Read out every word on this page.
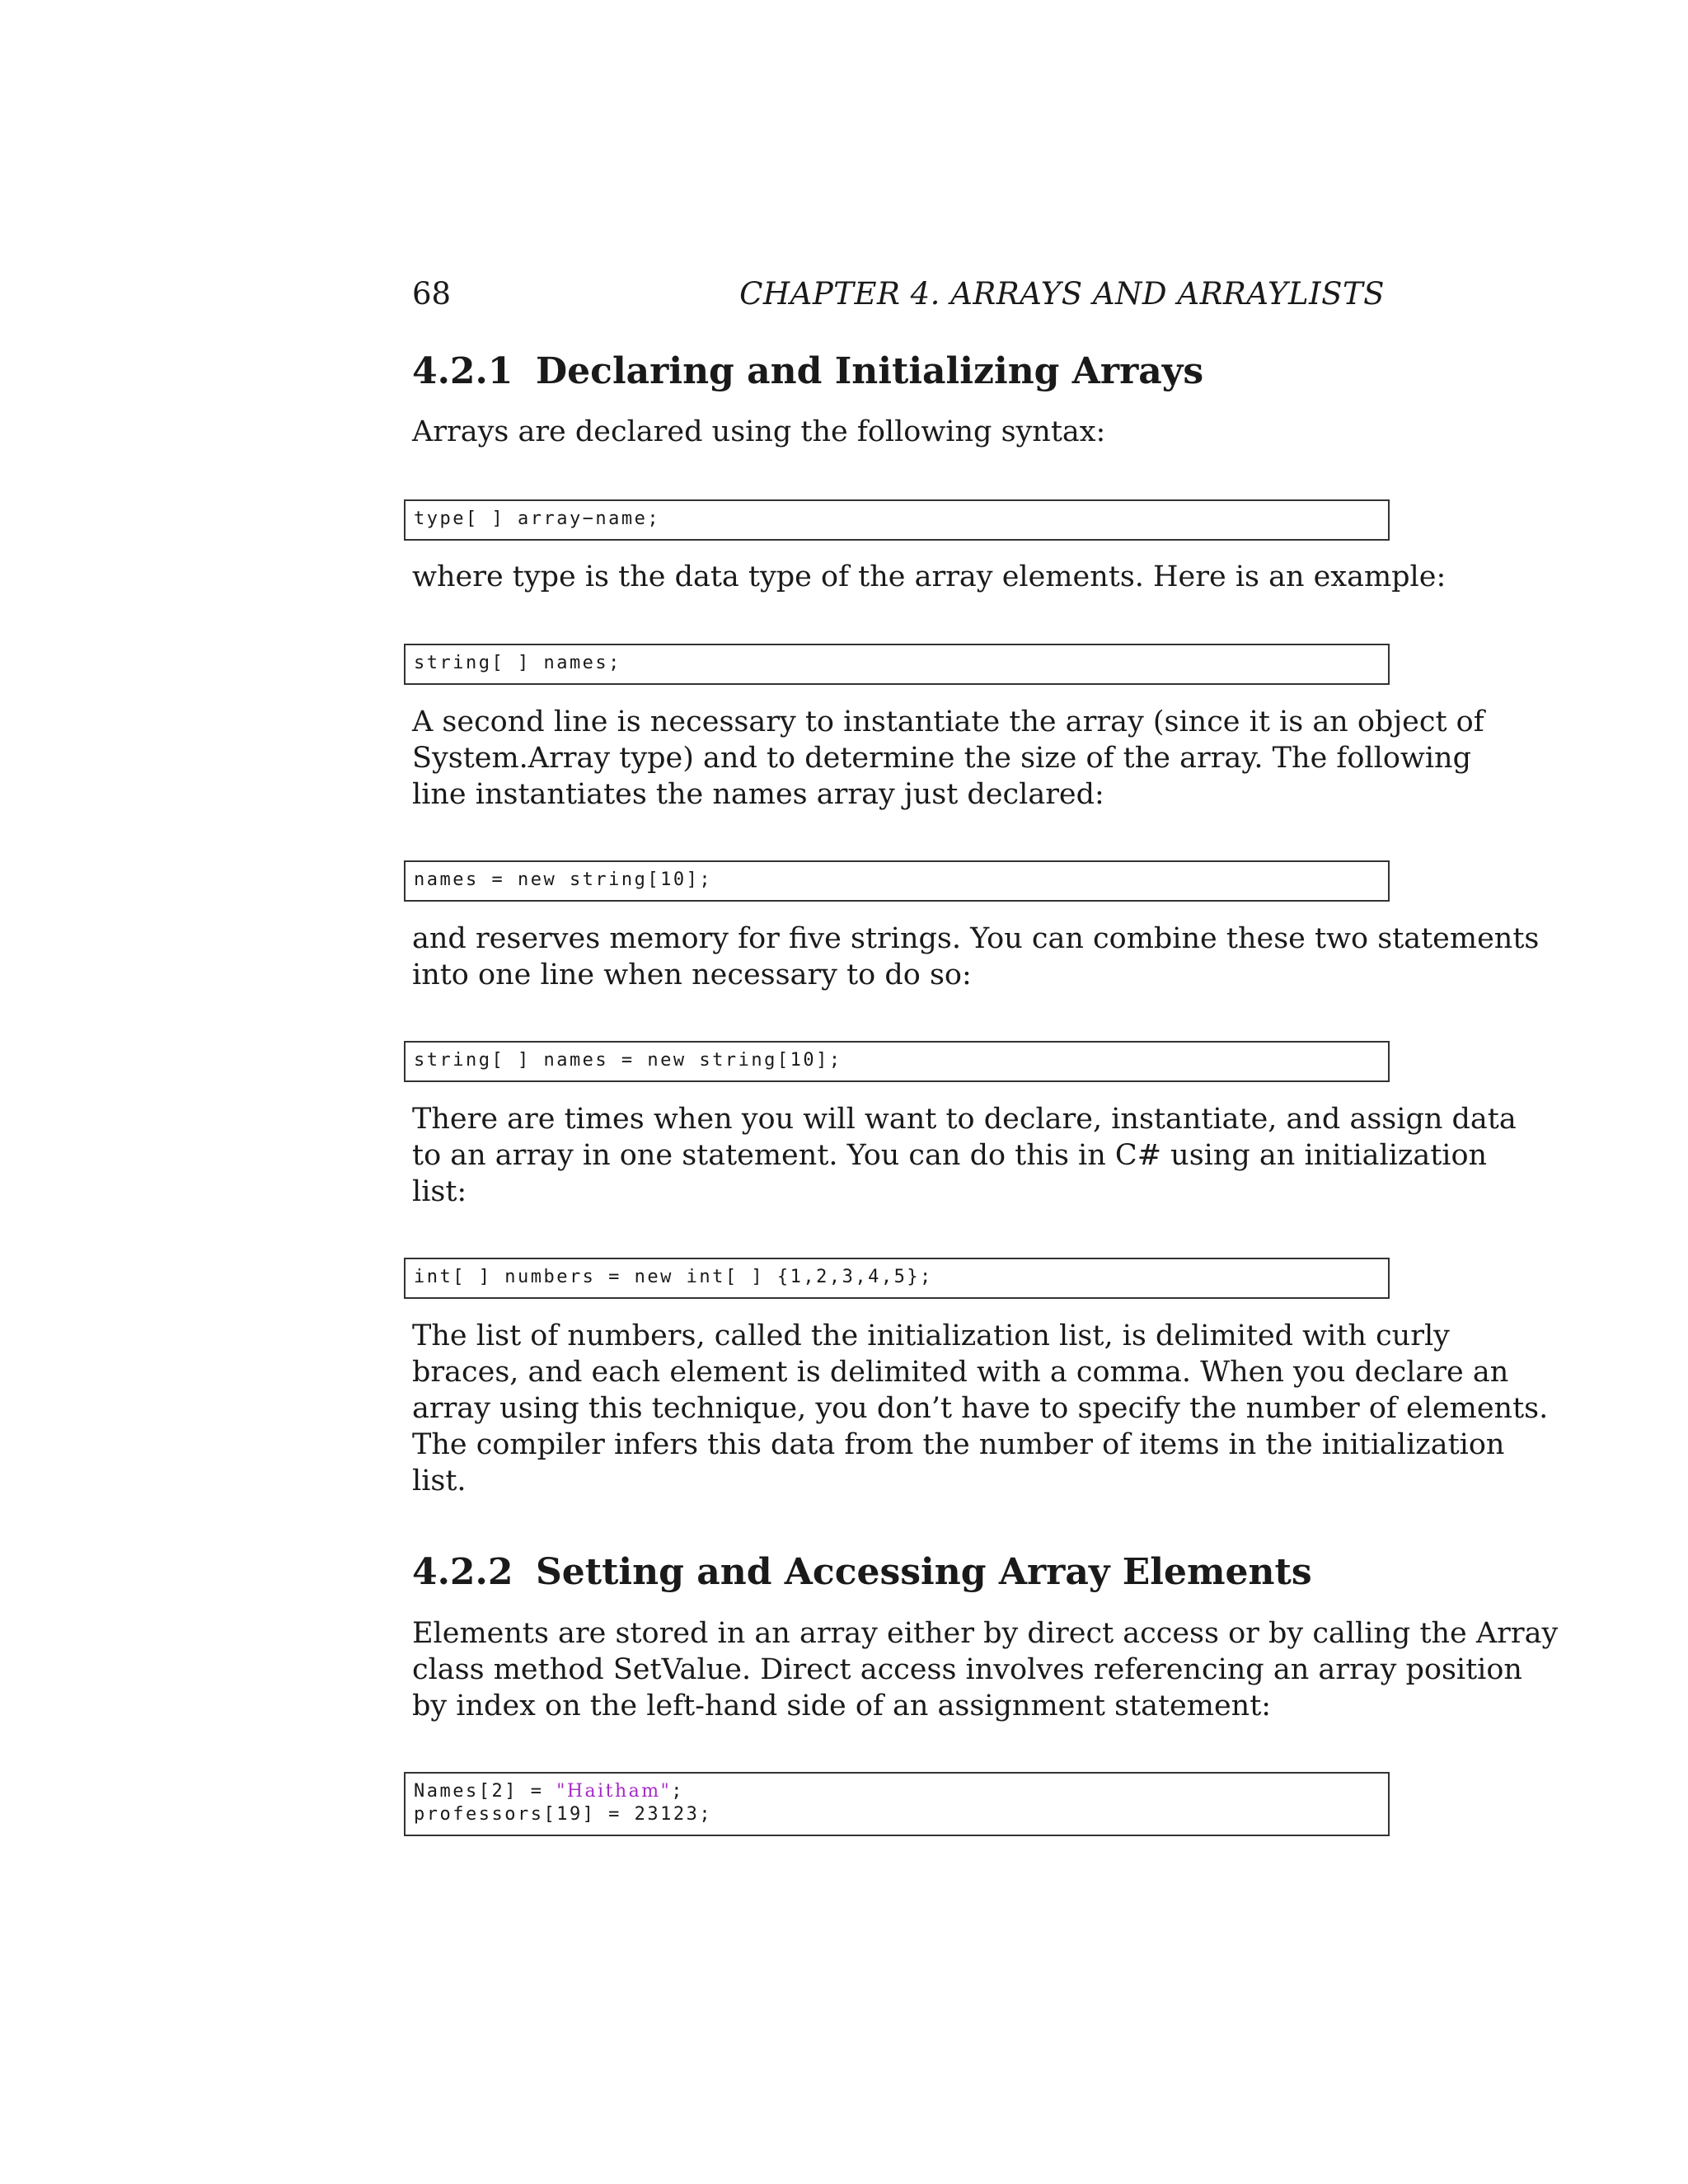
68	CHAPTER 4. ARRAYS AND ARRAYLISTS
4.2.1 Declaring and Initializing Arrays
Arrays are declared using the following syntax:
type[ ] array−name;
where type is the data type of the array elements. Here is an example:
string[ ] names;
A second line is necessary to instantiate the array (since it is an object of
System.Array type) and to determine the size of the array. The following
line instantiates the names array just declared:
names = new string[10];
and reserves memory for five strings. You can combine these two statements
into one line when necessary to do so:
string[ ] names = new string[10];
There are times when you will want to declare, instantiate, and assign data
to an array in one statement. You can do this in C# using an initialization
list:
int[ ] numbers = new int[ ] {1,2,3,4,5};
The list of numbers, called the initialization list, is delimited with curly
braces, and each element is delimited with a comma. When you declare an
array using this technique, you don’t have to specify the number of elements.
The compiler infers this data from the number of items in the initialization
list.
4.2.2 Setting and Accessing Array Elements
Elements are stored in an array either by direct access or by calling the Array
class method SetValue. Direct access involves referencing an array position
by index on the left-hand side of an assignment statement:
Names[2] = "Haitham";
professors[19] = 23123;
